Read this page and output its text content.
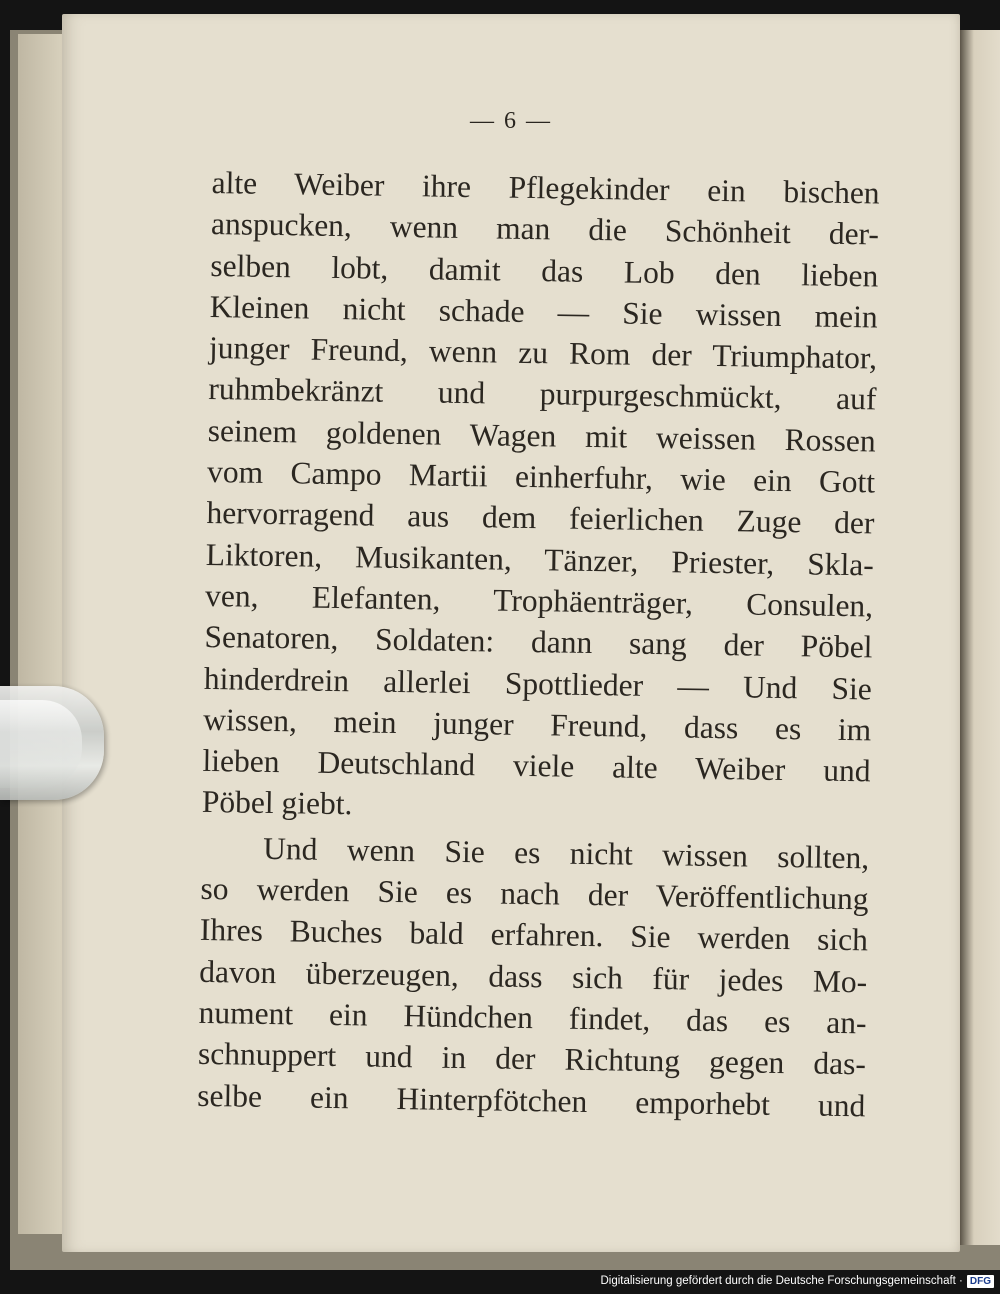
— 6 —
alte Weiber ihre Pflegekinder ein bischen
anspucken, wenn man die Schönheit der-
selben lobt, damit das Lob den lieben
Kleinen nicht schade — Sie wissen mein
junger Freund, wenn zu Rom der Triumphator,
ruhmbekränzt und purpurgeschmückt, auf
seinem goldenen Wagen mit weissen Rossen
vom Campo Martii einherfuhr, wie ein Gott
hervorragend aus dem feierlichen Zuge der
Liktoren, Musikanten, Tänzer, Priester, Skla-
ven, Elefanten, Trophäenträger, Consulen,
Senatoren, Soldaten: dann sang der Pöbel
hinderdrein allerlei Spottlieder — Und Sie
wissen, mein junger Freund, dass es im
lieben Deutschland viele alte Weiber und
Pöbel giebt.
Und wenn Sie es nicht wissen sollten,
so werden Sie es nach der Veröffentlichung
Ihres Buches bald erfahren. Sie werden sich
davon überzeugen, dass sich für jedes Mo-
nument ein Hündchen findet, das es an-
schnuppert und in der Richtung gegen das-
selbe ein Hinterpfötchen emporhebt und
Digitalisierung gefördert durch die Deutsche Forschungsgemeinschaft · DFG
